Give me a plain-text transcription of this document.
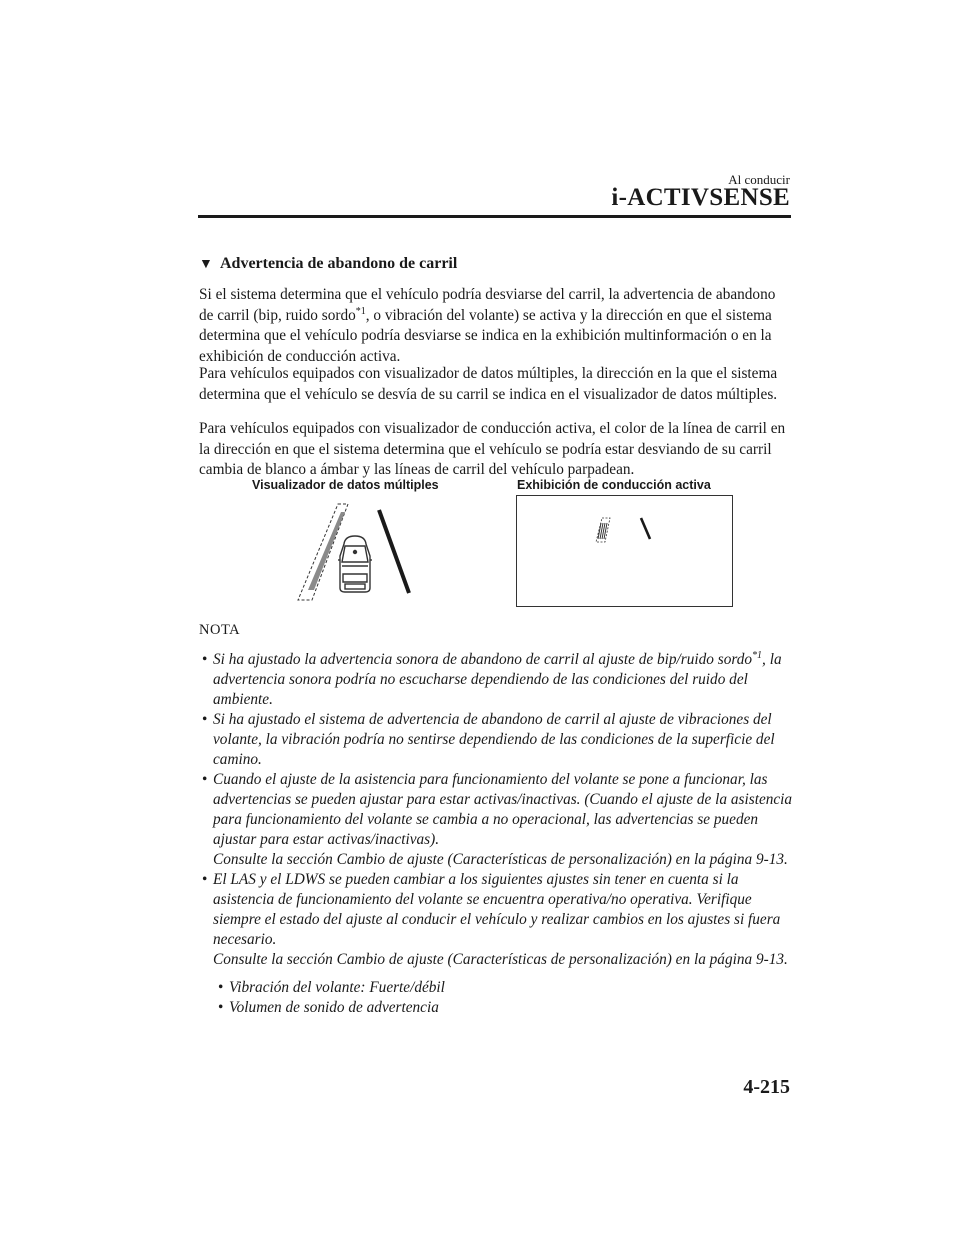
Al conducir
i-ACTIVSENSE
▼ Advertencia de abandono de carril
Si el sistema determina que el vehículo podría desviarse del carril, la advertencia de abandono de carril (bip, ruido sordo$^{*1}$, o vibración del volante) se activa y la dirección en que el sistema determina que el vehículo podría desviarse se indica en la exhibición multinformación o en la exhibición de conducción activa.
Para vehículos equipados con visualizador de datos múltiples, la dirección en la que el sistema determina que el vehículo se desvía de su carril se indica en el visualizador de datos múltiples.
Para vehículos equipados con visualizador de conducción activa, el color de la línea de carril en la dirección en que el sistema determina que el vehículo se podría estar desviando de su carril cambia de blanco a ámbar y las líneas de carril del vehículo parpadean.
Visualizador de datos múltiples	Exhibición de conducción activa
NOTA
• Si ha ajustado la advertencia sonora de abandono de carril al ajuste de bip/ruido sordo$^{*1}$, la advertencia sonora podría no escucharse dependiendo de las condiciones del ruido del ambiente.

• Si ha ajustado el sistema de advertencia de abandono de carril al ajuste de vibraciones del volante, la vibración podría no sentirse dependiendo de las condiciones de la superficie del camino.

• Cuando el ajuste de la asistencia para funcionamiento del volante se pone a funcionar, las advertencias se pueden ajustar para estar activas/inactivas. (Cuando el ajuste de la asistencia para funcionamiento del volante se cambia a no operacional, las advertencias se pueden ajustar para estar activas/inactivas).

Consulte la sección Cambio de ajuste (Características de personalización) en la página 9-13.

• El LAS y el LDWS se pueden cambiar a los siguientes ajustes sin tener en cuenta si la asistencia de funcionamiento del volante se encuentra operativa/no operativa. Verifique siempre el estado del ajuste al conducir el vehículo y realizar cambios en los ajustes si fuera necesario.

Consulte la sección Cambio de ajuste (Características de personalización) en la página 9-13.

• Vibración del volante: Fuerte/débil
• Volumen de sonido de advertencia
4-215
